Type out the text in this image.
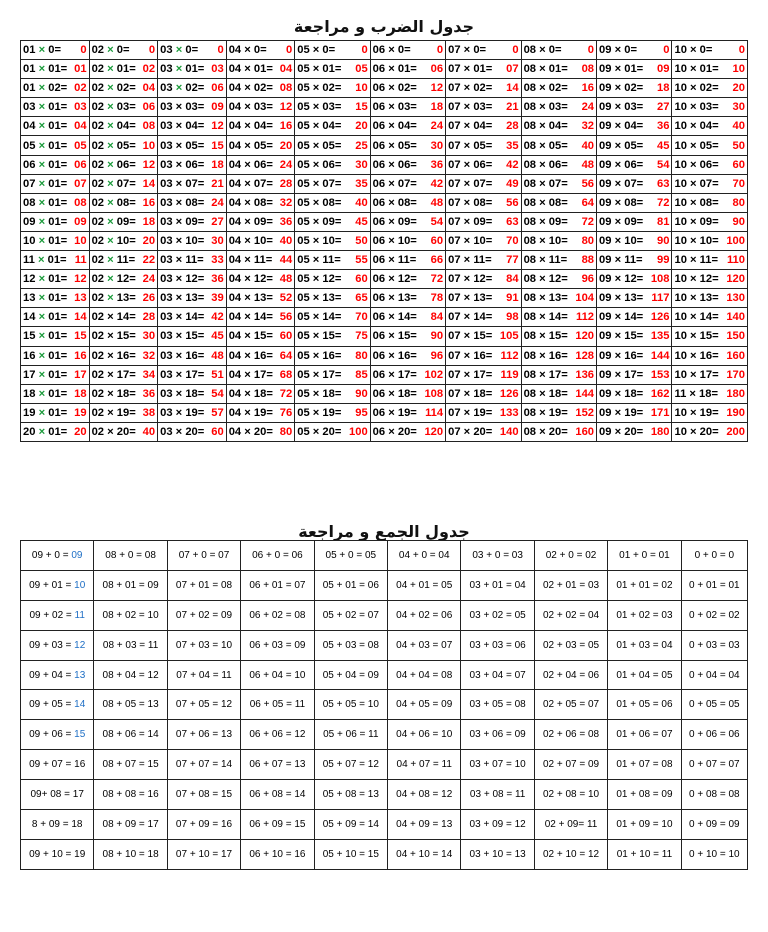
جدول الضرب و مراجعة
01 × 0= 0	02 × 0= 0	03 × 0= 0	04 × 0= 0	05 × 0= 0	06 × 0= 0	07 × 0= 0	08 × 0= 0	09 × 0= 0	10 × 0= 0

01 × 01= 01	02 × 01= 02	03 × 01= 03	04 × 01= 04	05 × 01= 05	06 × 01= 06	07 × 01= 07	08 × 01= 08	09 × 01= 09	10 × 01= 10

01 × 02= 02	02 × 02= 04	03 × 02= 06	04 × 02= 08	05 × 02= 10	06 × 02= 12	07 × 02= 14	08 × 02= 16	09 × 02= 18	10 × 02= 20

03 × 01= 03	02 × 03= 06	03 × 03= 09	04 × 03= 12	05 × 03= 15	06 × 03= 18	07 × 03= 21	08 × 03= 24	09 × 03= 27	10 × 03= 30

04 × 01= 04	02 × 04= 08	03 × 04= 12	04 × 04= 16	05 × 04= 20	06 × 04= 24	07 × 04= 28	08 × 04= 32	09 × 04= 36	10 × 04= 40

05 × 01= 05	02 × 05= 10	03 × 05= 15	04 × 05= 20	05 × 05= 25	06 × 05= 30	07 × 05= 35	08 × 05= 40	09 × 05= 45	10 × 05= 50

06 × 01= 06	02 × 06= 12	03 × 06= 18	04 × 06= 24	05 × 06= 30	06 × 06= 36	07 × 06= 42	08 × 06= 48	09 × 06= 54	10 × 06= 60

07 × 01= 07	02 × 07= 14	03 × 07= 21	04 × 07= 28	05 × 07= 35	06 × 07= 42	07 × 07= 49	08 × 07= 56	09 × 07= 63	10 × 07= 70

08 × 01= 08	02 × 08= 16	03 × 08= 24	04 × 08= 32	05 × 08= 40	06 × 08= 48	07 × 08= 56	08 × 08= 64	09 × 08= 72	10 × 08= 80

09 × 01= 09	02 × 09= 18	03 × 09= 27	04 × 09= 36	05 × 09= 45	06 × 09= 54	07 × 09= 63	08 × 09= 72	09 × 09= 81	10 × 09= 90

10 × 01= 10	02 × 10= 20	03 × 10= 30	04 × 10= 40	05 × 10= 50	06 × 10= 60	07 × 10= 70	08 × 10= 80	09 × 10= 90	10 × 10= 100

11 × 01= 11	02 × 11= 22	03 × 11= 33	04 × 11= 44	05 × 11= 55	06 × 11= 66	07 × 11= 77	08 × 11= 88	09 × 11= 99	10 × 11= 110

12 × 01= 12	02 × 12= 24	03 × 12= 36	04 × 12= 48	05 × 12= 60	06 × 12= 72	07 × 12= 84	08 × 12= 96	09 × 12= 108	10 × 12= 120

13 × 01= 13	02 × 13= 26	03 × 13= 39	04 × 13= 52	05 × 13= 65	06 × 13= 78	07 × 13= 91	08 × 13= 104	09 × 13= 117	10 × 13= 130

14 × 01= 14	02 × 14= 28	03 × 14= 42	04 × 14= 56	05 × 14= 70	06 × 14= 84	07 × 14= 98	08 × 14= 112	09 × 14= 126	10 × 14= 140

15 × 01= 15	02 × 15= 30	03 × 15= 45	04 × 15= 60	05 × 15= 75	06 × 15= 90	07 × 15= 105	08 × 15= 120	09 × 15= 135	10 × 15= 150

16 × 01= 16	02 × 16= 32	03 × 16= 48	04 × 16= 64	05 × 16= 80	06 × 16= 96	07 × 16= 112	08 × 16= 128	09 × 16= 144	10 × 16= 160

17 × 01= 17	02 × 17= 34	03 × 17= 51	04 × 17= 68	05 × 17= 85	06 × 17= 102	07 × 17= 119	08 × 17= 136	09 × 17= 153	10 × 17= 170

18 × 01= 18	02 × 18= 36	03 × 18= 54	04 × 18= 72	05 × 18= 90	06 × 18= 108	07 × 18= 126	08 × 18= 144	09 × 18= 162	11 × 18= 180

19 × 01= 19	02 × 19= 38	03 × 19= 57	04 × 19= 76	05 × 19= 95	06 × 19= 114	07 × 19= 133	08 × 19= 152	09 × 19= 171	10 × 19= 190

20 × 01= 20	02 × 20= 40	03 × 20= 60	04 × 20= 80	05 × 20= 100	06 × 20= 120	07 × 20= 140	08 × 20= 160	09 × 20= 180	10 × 20= 200
جدول الجمع و مراجعة
09 + 0 = 09	08 + 0 = 08	07 + 0 = 07	06 + 0 = 06	05 + 0 = 05	04 + 0 = 04	03 + 0 = 03	02 + 0 = 02	01 + 0 = 01	0 + 0 = 0
09 + 01 = 10	08 + 01 = 09	07 + 01 = 08	06 + 01 = 07	05 + 01 = 06	04 + 01 = 05	03 + 01 = 04	02 + 01 = 03	01 + 01 = 02	0 + 01 = 01
09 + 02 = 11	08 + 02 = 10	07 + 02 = 09	06 + 02 = 08	05 + 02 = 07	04 + 02 = 06	03 + 02 = 05	02 + 02 = 04	01 + 02 = 03	0 + 02 = 02
09 + 03 = 12	08 + 03 = 11	07 + 03 = 10	06 + 03 = 09	05 + 03 = 08	04 + 03 = 07	03 + 03 = 06	02 + 03 = 05	01 + 03 = 04	0 + 03 = 03
09 + 04 = 13	08 + 04 = 12	07 + 04 = 11	06 + 04 = 10	05 + 04 = 09	04 + 04 = 08	03 + 04 = 07	02 + 04 = 06	01 + 04 = 05	0 + 04 = 04
09 + 05 = 14	08 + 05 = 13	07 + 05 = 12	06 + 05 = 11	05 + 05 = 10	04 + 05 = 09	03 + 05 = 08	02 + 05 = 07	01 + 05 = 06	0 + 05 = 05
09 + 06 = 15	08 + 06 = 14	07 + 06 = 13	06 + 06 = 12	05 + 06 = 11	04 + 06 = 10	03 + 06 = 09	02 + 06 = 08	01 + 06 = 07	0 + 06 = 06
09 + 07 = 16	08 + 07 = 15	07 + 07 = 14	06 + 07 = 13	05 + 07 = 12	04 + 07 = 11	03 + 07 = 10	02 + 07 = 09	01 + 07 = 08	0 + 07 = 07
09+ 08 = 17	08 + 08 = 16	07 + 08 = 15	06 + 08 = 14	05 + 08 = 13	04 + 08 = 12	03 + 08 = 11	02 + 08 = 10	01 + 08 = 09	0 + 08 = 08
8 + 09 = 18	08 + 09 = 17	07 + 09 = 16	06 + 09 = 15	05 + 09 = 14	04 + 09 = 13	03 + 09 = 12	02 + 09= 11	01 + 09 = 10	0 + 09 = 09
09 + 10 = 19	08 + 10 = 18	07 + 10 = 17	06 + 10 = 16	05 + 10 = 15	04 + 10 = 14	03 + 10 = 13	02 + 10 = 12	01 + 10 = 11	0 + 10 = 10
